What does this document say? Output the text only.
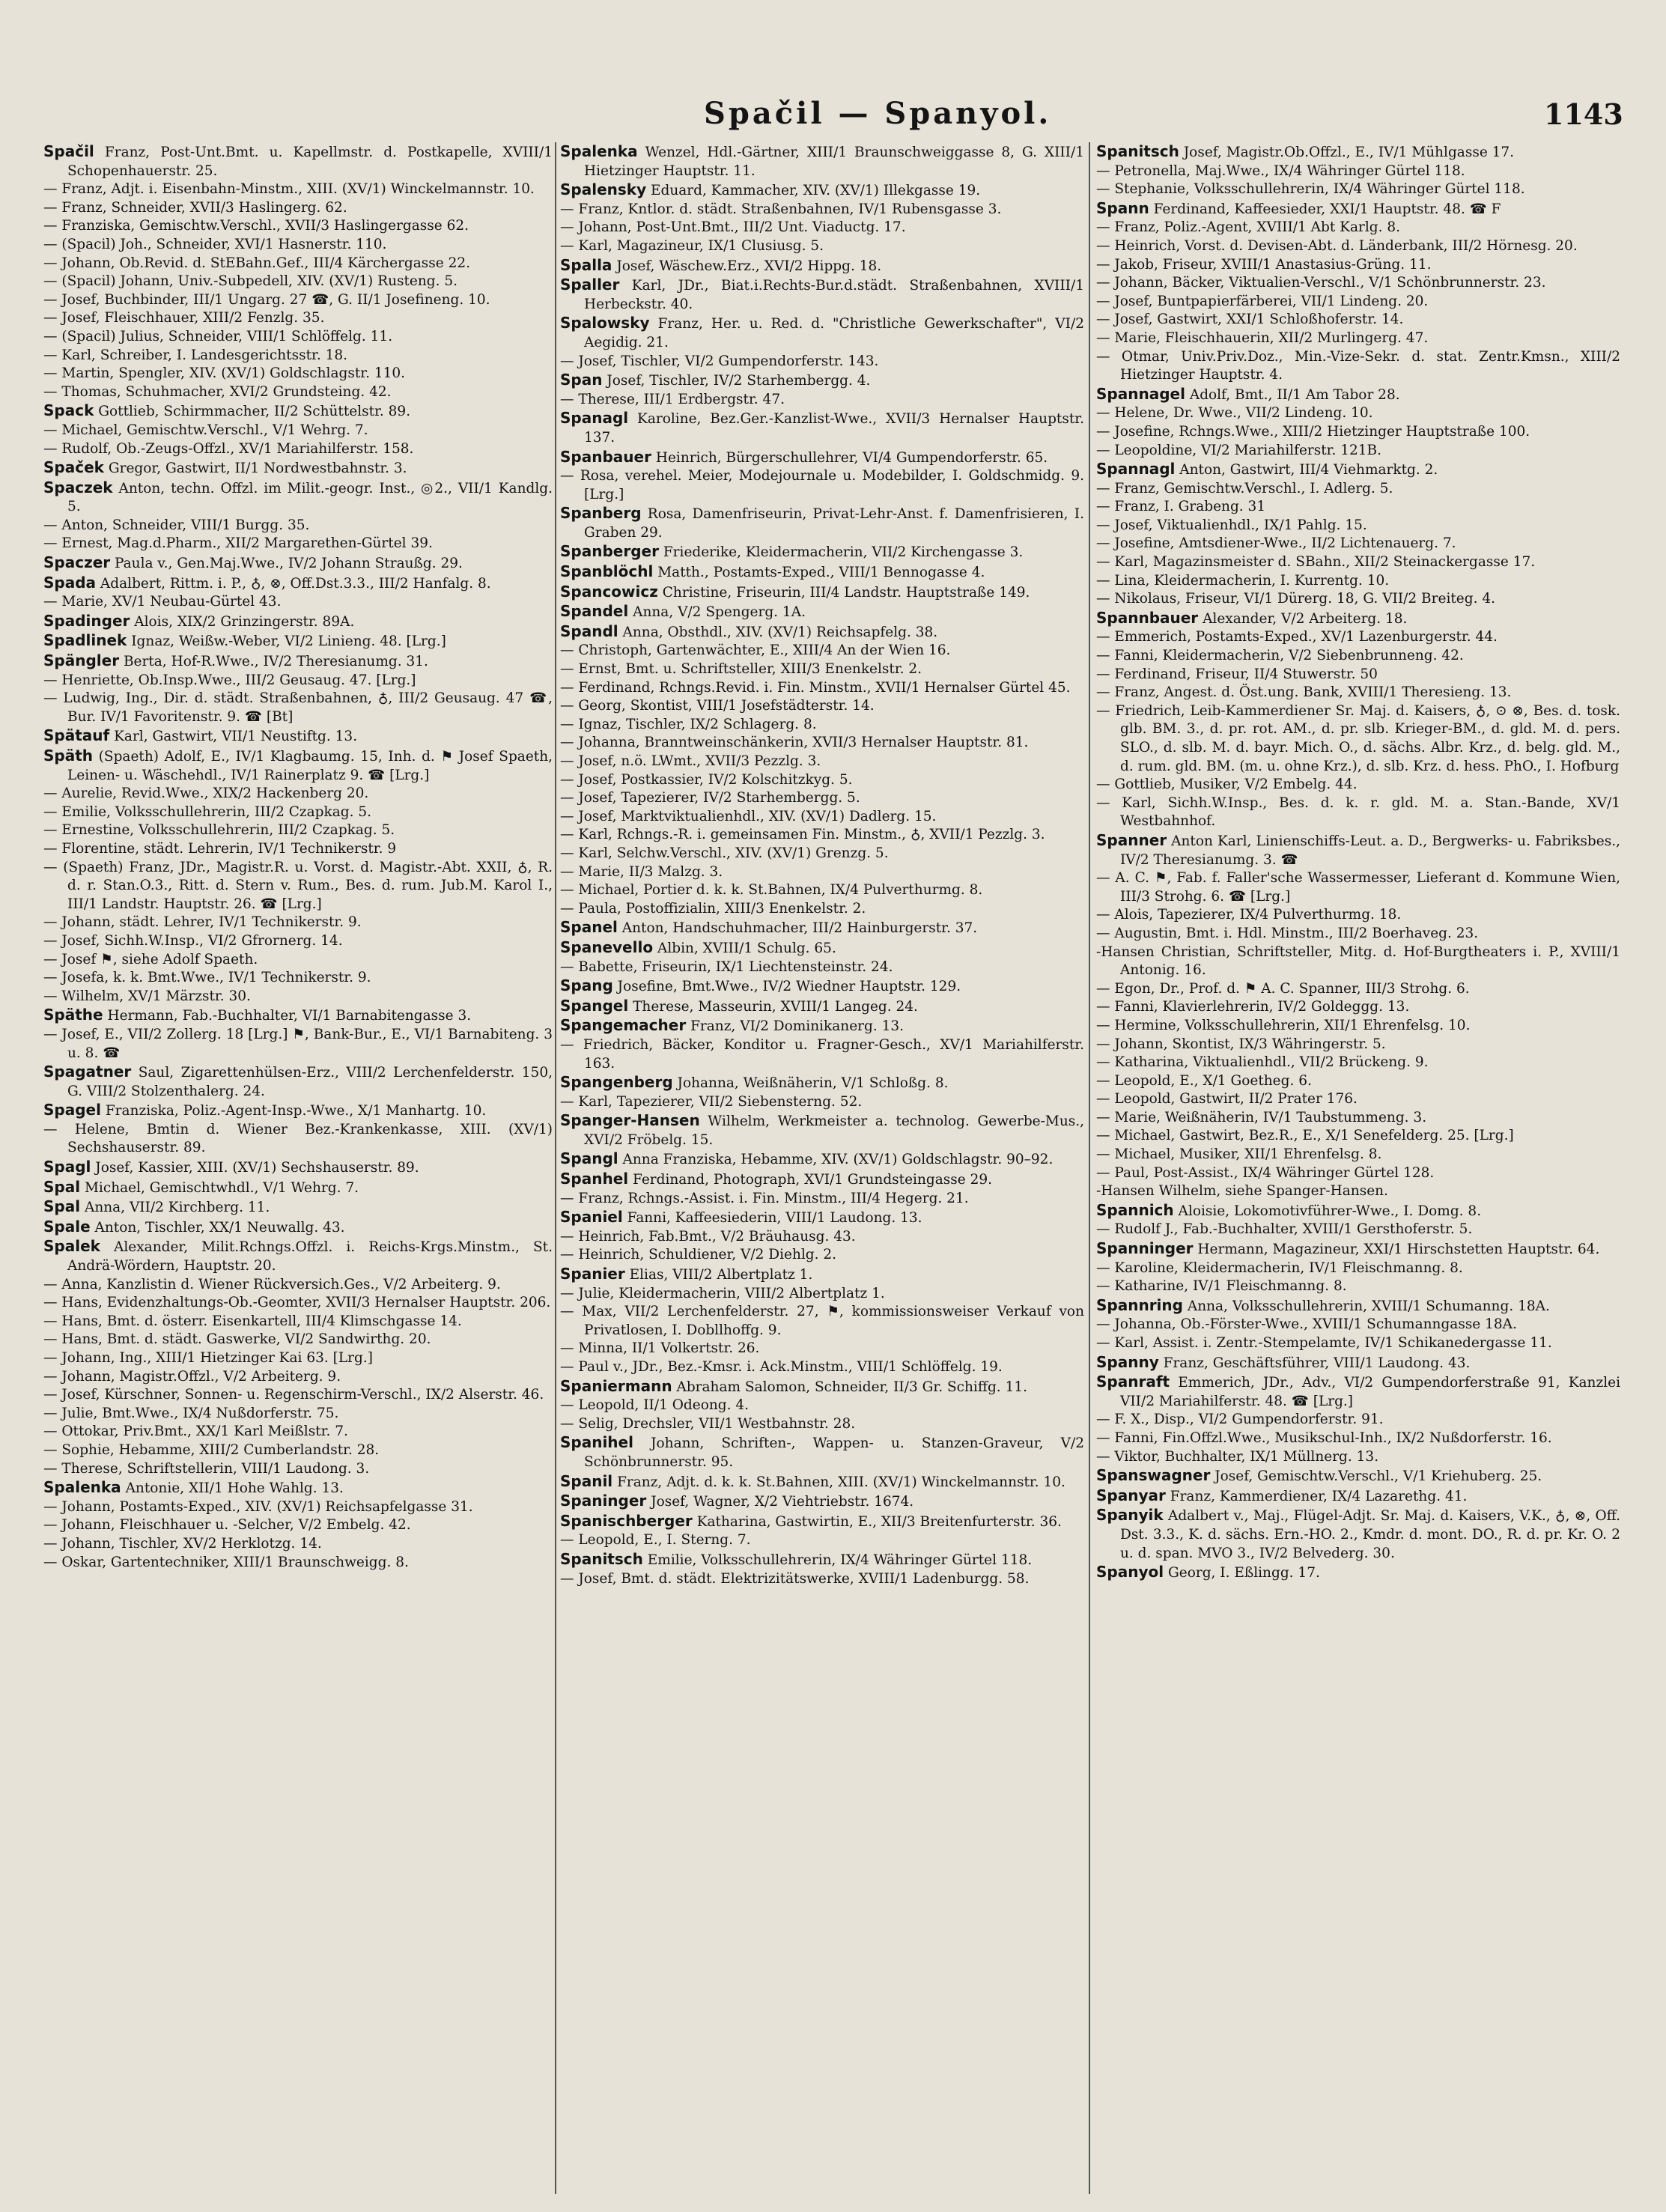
Spačil — Spanyol.	1143

Spačil Franz, Post-Unt.Bmt. u. Kapellmstr. d. Postkapelle, XVIII/1 Schopenhauerstr. 25.

— Franz, Adjt. i. Eisenbahn-Minstm., XIII. (XV/1) Winckelmannstr. 10.

— Franz, Schneider, XVII/3 Haslingerg. 62.

— Franziska, Gemischtw.Verschl., XVII/3 Haslingergasse 62.

— (Spacil) Joh., Schneider, XVI/1 Hasnerstr. 110.

— Johann, Ob.Revid. d. StEBahn.Gef., III/4 Kärchergasse 22.

— (Spacil) Johann, Univ.-Subpedell, XIV. (XV/1) Rusteng. 5.

— Josef, Buchbinder, III/1 Ungarg. 27 ☎, G. II/1 Josefineng. 10.

— Josef, Fleischhauer, XIII/2 Fenzlg. 35.

— (Spacil) Julius, Schneider, VIII/1 Schlöffelg. 11.

— Karl, Schreiber, I. Landesgerichtsstr. 18.

— Martin, Spengler, XIV. (XV/1) Goldschlagstr. 110.

— Thomas, Schuhmacher, XVI/2 Grundsteing. 42.

Spack Gottlieb, Schirmmacher, II/2 Schüttelstr. 89.

— Michael, Gemischtw.Verschl., V/1 Wehrg. 7.

— Rudolf, Ob.-Zeugs-Offzl., XV/1 Mariahilferstr. 158.

Spaček Gregor, Gastwirt, II/1 Nordwestbahnstr. 3.

Spaczek Anton, techn. Offzl. im Milit.-geogr. Inst., ◎2., VII/1 Kandlg. 5.

— Anton, Schneider, VIII/1 Burgg. 35.

— Ernest, Mag.d.Pharm., XII/2 Margarethen-Gürtel 39.

Spaczer Paula v., Gen.Maj.Wwe., IV/2 Johann Straußg. 29.

Spada Adalbert, Rittm. i. P., ♁, ⊗, Off.Dst.3.3., III/2 Hanfalg. 8.

— Marie, XV/1 Neubau-Gürtel 43.

Spadinger Alois, XIX/2 Grinzingerstr. 89A.

Spadlinek Ignaz, Weißw.-Weber, VI/2 Linieng. 48. [Lrg.]

Spängler Berta, Hof-R.Wwe., IV/2 Theresianumg. 31.

— Henriette, Ob.Insp.Wwe., III/2 Geusaug. 47. [Lrg.]

— Ludwig, Ing., Dir. d. städt. Straßenbahnen, ♁, III/2 Geusaug. 47 ☎, Bur. IV/1 Favoritenstr. 9. ☎ [Bt]

Spätauf Karl, Gastwirt, VII/1 Neustiftg. 13.

Späth (Spaeth) Adolf, E., IV/1 Klagbaumg. 15, Inh. d. ⚑ Josef Spaeth, Leinen- u. Wäschehdl., IV/1 Rainerplatz 9. ☎ [Lrg.]

— Aurelie, Revid.Wwe., XIX/2 Hackenberg 20.

— Emilie, Volksschullehrerin, III/2 Czapkag. 5.

— Ernestine, Volksschullehrerin, III/2 Czapkag. 5.

— Florentine, städt. Lehrerin, IV/1 Technikerstr. 9

— (Spaeth) Franz, JDr., Magistr.R. u. Vorst. d. Magistr.-Abt. XXII, ♁, R. d. r. Stan.O.3., Ritt. d. Stern v. Rum., Bes. d. rum. Jub.M. Karol I., III/1 Landstr. Hauptstr. 26. ☎ [Lrg.]

— Johann, städt. Lehrer, IV/1 Technikerstr. 9.

— Josef, Sichh.W.Insp., VI/2 Gfrornerg. 14.

— Josef ⚑, siehe Adolf Spaeth.

— Josefa, k. k. Bmt.Wwe., IV/1 Technikerstr. 9.

— Wilhelm, XV/1 Märzstr. 30.

Späthe Hermann, Fab.-Buchhalter, VI/1 Barnabitengasse 3.

— Josef, E., VII/2 Zollerg. 18 [Lrg.] ⚑, Bank-Bur., E., VI/1 Barnabiteng. 3 u. 8. ☎

Spagatner Saul, Zigarettenhülsen-Erz., VIII/2 Lerchenfelderstr. 150, G. VIII/2 Stolzenthalerg. 24.

Spagel Franziska, Poliz.-Agent-Insp.-Wwe., X/1 Manhartg. 10.

— Helene, Bmtin d. Wiener Bez.-Krankenkasse, XIII. (XV/1) Sechshauserstr. 89.

Spagl Josef, Kassier, XIII. (XV/1) Sechshauserstr. 89.

Spal Michael, Gemischtwhdl., V/1 Wehrg. 7.

Spal Anna, VII/2 Kirchberg. 11.

Spale Anton, Tischler, XX/1 Neuwallg. 43.

Spalek Alexander, Milit.Rchngs.Offzl. i. Reichs-Krgs.Minstm., St. Andrä-Wördern, Hauptstr. 20.

— Anna, Kanzlistin d. Wiener Rückversich.Ges., V/2 Arbeiterg. 9.

— Hans, Evidenzhaltungs-Ob.-Geomter, XVII/3 Hernalser Hauptstr. 206.

— Hans, Bmt. d. österr. Eisenkartell, III/4 Klimschgasse 14.

— Hans, Bmt. d. städt. Gaswerke, VI/2 Sandwirthg. 20.

— Johann, Ing., XIII/1 Hietzinger Kai 63. [Lrg.]

— Johann, Magistr.Offzl., V/2 Arbeiterg. 9.

— Josef, Kürschner, Sonnen- u. Regenschirm-Verschl., IX/2 Alserstr. 46.

— Julie, Bmt.Wwe., IX/4 Nußdorferstr. 75.

— Ottokar, Priv.Bmt., XX/1 Karl Meißlstr. 7.

— Sophie, Hebamme, XIII/2 Cumberlandstr. 28.

— Therese, Schriftstellerin, VIII/1 Laudong. 3.

Spalenka Antonie, XII/1 Hohe Wahlg. 13.

— Johann, Postamts-Exped., XIV. (XV/1) Reichsapfelgasse 31.

— Johann, Fleischhauer u. -Selcher, V/2 Embelg. 42.

— Johann, Tischler, XV/2 Herklotzg. 14.

— Oskar, Gartentechniker, XIII/1 Braunschweigg. 8.

Spalenka Wenzel, Hdl.-Gärtner, XIII/1 Braunschweiggasse 8, G. XIII/1 Hietzinger Hauptstr. 11.

Spalensky Eduard, Kammacher, XIV. (XV/1) Illekgasse 19.

— Franz, Kntlor. d. städt. Straßenbahnen, IV/1 Rubensgasse 3.

— Johann, Post-Unt.Bmt., III/2 Unt. Viaductg. 17.

— Karl, Magazineur, IX/1 Clusiusg. 5.

Spalla Josef, Wäschew.Erz., XVI/2 Hippg. 18.

Spaller Karl, JDr., Biat.i.Rechts-Bur.d.städt. Straßenbahnen, XVIII/1 Herbeckstr. 40.

Spalowsky Franz, Her. u. Red. d. "Christliche Gewerkschafter", VI/2 Aegidig. 21.

— Josef, Tischler, VI/2 Gumpendorferstr. 143.

Span Josef, Tischler, IV/2 Starhembergg. 4.

— Therese, III/1 Erdbergstr. 47.

Spanagl Karoline, Bez.Ger.-Kanzlist-Wwe., XVII/3 Hernalser Hauptstr. 137.

Spanbauer Heinrich, Bürgerschullehrer, VI/4 Gumpendorferstr. 65.

— Rosa, verehel. Meier, Modejournale u. Modebilder, I. Goldschmidg. 9. [Lrg.]

Spanberg Rosa, Damenfriseurin, Privat-Lehr-Anst. f. Damenfrisieren, I. Graben 29.

Spanberger Friederike, Kleidermacherin, VII/2 Kirchengasse 3.

Spanblöchl Matth., Postamts-Exped., VIII/1 Bennogasse 4.

Spancowicz Christine, Friseurin, III/4 Landstr. Hauptstraße 149.

Spandel Anna, V/2 Spengerg. 1A.

Spandl Anna, Obsthdl., XIV. (XV/1) Reichsapfelg. 38.

— Christoph, Gartenwächter, E., XIII/4 An der Wien 16.

— Ernst, Bmt. u. Schriftsteller, XIII/3 Enenkelstr. 2.

— Ferdinand, Rchngs.Revid. i. Fin. Minstm., XVII/1 Hernalser Gürtel 45.

— Georg, Skontist, VIII/1 Josefstädterstr. 14.

— Ignaz, Tischler, IX/2 Schlagerg. 8.

— Johanna, Branntweinschänkerin, XVII/3 Hernalser Hauptstr. 81.

— Josef, n.ö. LWmt., XVII/3 Pezzlg. 3.

— Josef, Postkassier, IV/2 Kolschitzkyg. 5.

— Josef, Tapezierer, IV/2 Starhembergg. 5.

— Josef, Marktviktualienhdl., XIV. (XV/1) Dadlerg. 15.

— Karl, Rchngs.-R. i. gemeinsamen Fin. Minstm., ♁, XVII/1 Pezzlg. 3.

— Karl, Selchw.Verschl., XIV. (XV/1) Grenzg. 5.

— Marie, II/3 Malzg. 3.

— Michael, Portier d. k. k. St.Bahnen, IX/4 Pulverthurmg. 8.

— Paula, Postoffizialin, XIII/3 Enenkelstr. 2.

Spanel Anton, Handschuhmacher, III/2 Hainburgerstr. 37.

Spanevello Albin, XVIII/1 Schulg. 65.

— Babette, Friseurin, IX/1 Liechtensteinstr. 24.

Spang Josefine, Bmt.Wwe., IV/2 Wiedner Hauptstr. 129.

Spangel Therese, Masseurin, XVIII/1 Langeg. 24.

Spangemacher Franz, VI/2 Dominikanerg. 13.

— Friedrich, Bäcker, Konditor u. Fragner-Gesch., XV/1 Mariahilferstr. 163.

Spangenberg Johanna, Weißnäherin, V/1 Schloßg. 8.

— Karl, Tapezierer, VII/2 Siebensterng. 52.

Spanger-Hansen Wilhelm, Werkmeister a. technolog. Gewerbe-Mus., XVI/2 Fröbelg. 15.

Spangl Anna Franziska, Hebamme, XIV. (XV/1) Goldschlagstr. 90–92.

Spanhel Ferdinand, Photograph, XVI/1 Grundsteingasse 29.

— Franz, Rchngs.-Assist. i. Fin. Minstm., III/4 Hegerg. 21.

Spaniel Fanni, Kaffeesiederin, VIII/1 Laudong. 13.

— Heinrich, Fab.Bmt., V/2 Bräuhausg. 43.

— Heinrich, Schuldiener, V/2 Diehlg. 2.

Spanier Elias, VIII/2 Albertplatz 1.

— Julie, Kleidermacherin, VIII/2 Albertplatz 1.

— Max, VII/2 Lerchenfelderstr. 27, ⚑, kommissionsweiser Verkauf von Privatlosen, I. Dobllhoffg. 9.

— Minna, II/1 Volkertstr. 26.

— Paul v., JDr., Bez.-Kmsr. i. Ack.Minstm., VIII/1 Schlöffelg. 19.

Spaniermann Abraham Salomon, Schneider, II/3 Gr. Schiffg. 11.

— Leopold, II/1 Odeong. 4.

— Selig, Drechsler, VII/1 Westbahnstr. 28.

Spanihel Johann, Schriften-, Wappen- u. Stanzen-Graveur, V/2 Schönbrunnerstr. 95.

Spanil Franz, Adjt. d. k. k. St.Bahnen, XIII. (XV/1) Winckelmannstr. 10.

Spaninger Josef, Wagner, X/2 Viehtriebstr. 1674.

Spanischberger Katharina, Gastwirtin, E., XII/3 Breitenfurterstr. 36.

— Leopold, E., I. Sterng. 7.

Spanitsch Emilie, Volksschullehrerin, IX/4 Währinger Gürtel 118.

— Josef, Bmt. d. städt. Elektrizitätswerke, XVIII/1 Ladenburgg. 58.

Spanitsch Josef, Magistr.Ob.Offzl., E., IV/1 Mühlgasse 17.

— Petronella, Maj.Wwe., IX/4 Währinger Gürtel 118.

— Stephanie, Volksschullehrerin, IX/4 Währinger Gürtel 118.

Spann Ferdinand, Kaffeesieder, XXI/1 Hauptstr. 48. ☎ F

— Franz, Poliz.-Agent, XVIII/1 Abt Karlg. 8.

— Heinrich, Vorst. d. Devisen-Abt. d. Länderbank, III/2 Hörnesg. 20.

— Jakob, Friseur, XVIII/1 Anastasius-Grüng. 11.

— Johann, Bäcker, Viktualien-Verschl., V/1 Schönbrunnerstr. 23.

— Josef, Buntpapierfärberei, VII/1 Lindeng. 20.

— Josef, Gastwirt, XXI/1 Schloßhoferstr. 14.

— Marie, Fleischhauerin, XII/2 Murlingerg. 47.

— Otmar, Univ.Priv.Doz., Min.-Vize-Sekr. d. stat. Zentr.Kmsn., XIII/2 Hietzinger Hauptstr. 4.

Spannagel Adolf, Bmt., II/1 Am Tabor 28.

— Helene, Dr. Wwe., VII/2 Lindeng. 10.

— Josefine, Rchngs.Wwe., XIII/2 Hietzinger Hauptstraße 100.

— Leopoldine, VI/2 Mariahilferstr. 121B.

Spannagl Anton, Gastwirt, III/4 Viehmarktg. 2.

— Franz, Gemischtw.Verschl., I. Adlerg. 5.

— Franz, I. Grabeng. 31

— Josef, Viktualienhdl., IX/1 Pahlg. 15.

— Josefine, Amtsdiener-Wwe., II/2 Lichtenauerg. 7.

— Karl, Magazinsmeister d. SBahn., XII/2 Steinackergasse 17.

— Lina, Kleidermacherin, I. Kurrentg. 10.

— Nikolaus, Friseur, VI/1 Dürerg. 18, G. VII/2 Breiteg. 4.

Spannbauer Alexander, V/2 Arbeiterg. 18.

— Emmerich, Postamts-Exped., XV/1 Lazenburgerstr. 44.

— Fanni, Kleidermacherin, V/2 Siebenbrunneng. 42.

— Ferdinand, Friseur, II/4 Stuwerstr. 50

— Franz, Angest. d. Öst.ung. Bank, XVIII/1 Theresieng. 13.

— Friedrich, Leib-Kammerdiener Sr. Maj. d. Kaisers, ♁, ⊙ ⊗, Bes. d. tosk. glb. BM. 3., d. pr. rot. AM., d. pr. slb. Krieger-BM., d. gld. M. d. pers. SLO., d. slb. M. d. bayr. Mich. O., d. sächs. Albr. Krz., d. belg. gld. M., d. rum. gld. BM. (m. u. ohne Krz.), d. slb. Krz. d. hess. PhO., I. Hofburg

— Gottlieb, Musiker, V/2 Embelg. 44.

— Karl, Sichh.W.Insp., Bes. d. k. r. gld. M. a. Stan.-Bande, XV/1 Westbahnhof.

Spanner Anton Karl, Linienschiffs-Leut. a. D., Bergwerks- u. Fabriksbes., IV/2 Theresianumg. 3. ☎

— A. C. ⚑, Fab. f. Faller'sche Wassermesser, Lieferant d. Kommune Wien, III/3 Strohg. 6. ☎ [Lrg.]

— Alois, Tapezierer, IX/4 Pulverthurmg. 18.

— Augustin, Bmt. i. Hdl. Minstm., III/2 Boerhaveg. 23.

-Hansen Christian, Schriftsteller, Mitg. d. Hof-Burgtheaters i. P., XVIII/1 Antonig. 16.

— Egon, Dr., Prof. d. ⚑ A. C. Spanner, III/3 Strohg. 6.

— Fanni, Klavierlehrerin, IV/2 Goldeggg. 13.

— Hermine, Volksschullehrerin, XII/1 Ehrenfelsg. 10.

— Johann, Skontist, IX/3 Währingerstr. 5.

— Katharina, Viktualienhdl., VII/2 Brückeng. 9.

— Leopold, E., X/1 Goetheg. 6.

— Leopold, Gastwirt, II/2 Prater 176.

— Marie, Weißnäherin, IV/1 Taubstummeng. 3.

— Michael, Gastwirt, Bez.R., E., X/1 Senefelderg. 25. [Lrg.]

— Michael, Musiker, XII/1 Ehrenfelsg. 8.

— Paul, Post-Assist., IX/4 Währinger Gürtel 128.

-Hansen Wilhelm, siehe Spanger-Hansen.

Spannich Aloisie, Lokomotivführer-Wwe., I. Domg. 8.

— Rudolf J., Fab.-Buchhalter, XVIII/1 Gersthoferstr. 5.

Spanninger Hermann, Magazineur, XXI/1 Hirschstetten Hauptstr. 64.

— Karoline, Kleidermacherin, IV/1 Fleischmanng. 8.

— Katharine, IV/1 Fleischmanng. 8.

Spannring Anna, Volksschullehrerin, XVIII/1 Schumanng. 18A.

— Johanna, Ob.-Förster-Wwe., XVIII/1 Schumanngasse 18A.

— Karl, Assist. i. Zentr.-Stempelamte, IV/1 Schikanedergasse 11.

Spanny Franz, Geschäftsführer, VIII/1 Laudong. 43.

Spanraft Emmerich, JDr., Adv., VI/2 Gumpendorferstraße 91, Kanzlei VII/2 Mariahilferstr. 48. ☎ [Lrg.]

— F. X., Disp., VI/2 Gumpendorferstr. 91.

— Fanni, Fin.Offzl.Wwe., Musikschul-Inh., IX/2 Nußdorferstr. 16.

— Viktor, Buchhalter, IX/1 Müllnerg. 13.

Spanswagner Josef, Gemischtw.Verschl., V/1 Kriehuberg. 25.

Spanyar Franz, Kammerdiener, IX/4 Lazarethg. 41.

Spanyik Adalbert v., Maj., Flügel-Adjt. Sr. Maj. d. Kaisers, V.K., ♁, ⊗, Off. Dst. 3.3., K. d. sächs. Ern.-HO. 2., Kmdr. d. mont. DO., R. d. pr. Kr. O. 2 u. d. span. MVO 3., IV/2 Belvederg. 30.

Spanyol Georg, I. Eßlingg. 17.
